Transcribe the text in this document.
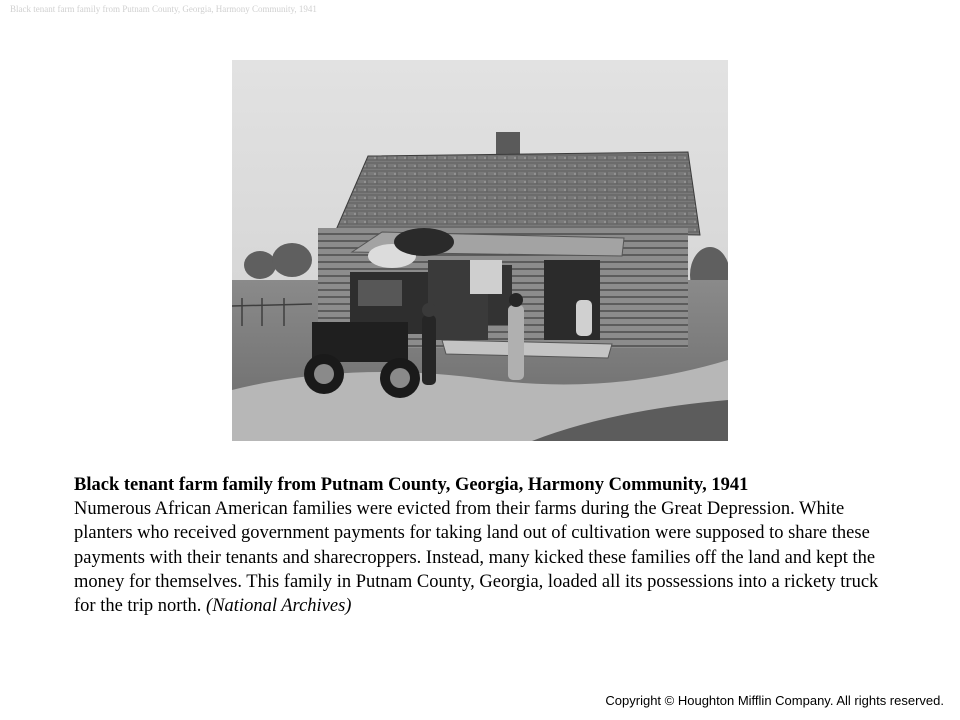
Black tenant farm family from Putnam County, Georgia, Harmony Community, 1941
Black tenant farm family from Putnam County, Georgia, Harmony Community, 1941
Numerous African American families were evicted from their farms during the Great Depression. White planters who received government payments for taking land out of cultivation were supposed to share these payments with their tenants and sharecroppers. Instead, many kicked these families off the land and kept the money for themselves. This family in Putnam County, Georgia, loaded all its possessions into a rickety truck for the trip north. (National Archives)
Copyright © Houghton Mifflin Company. All rights reserved.
